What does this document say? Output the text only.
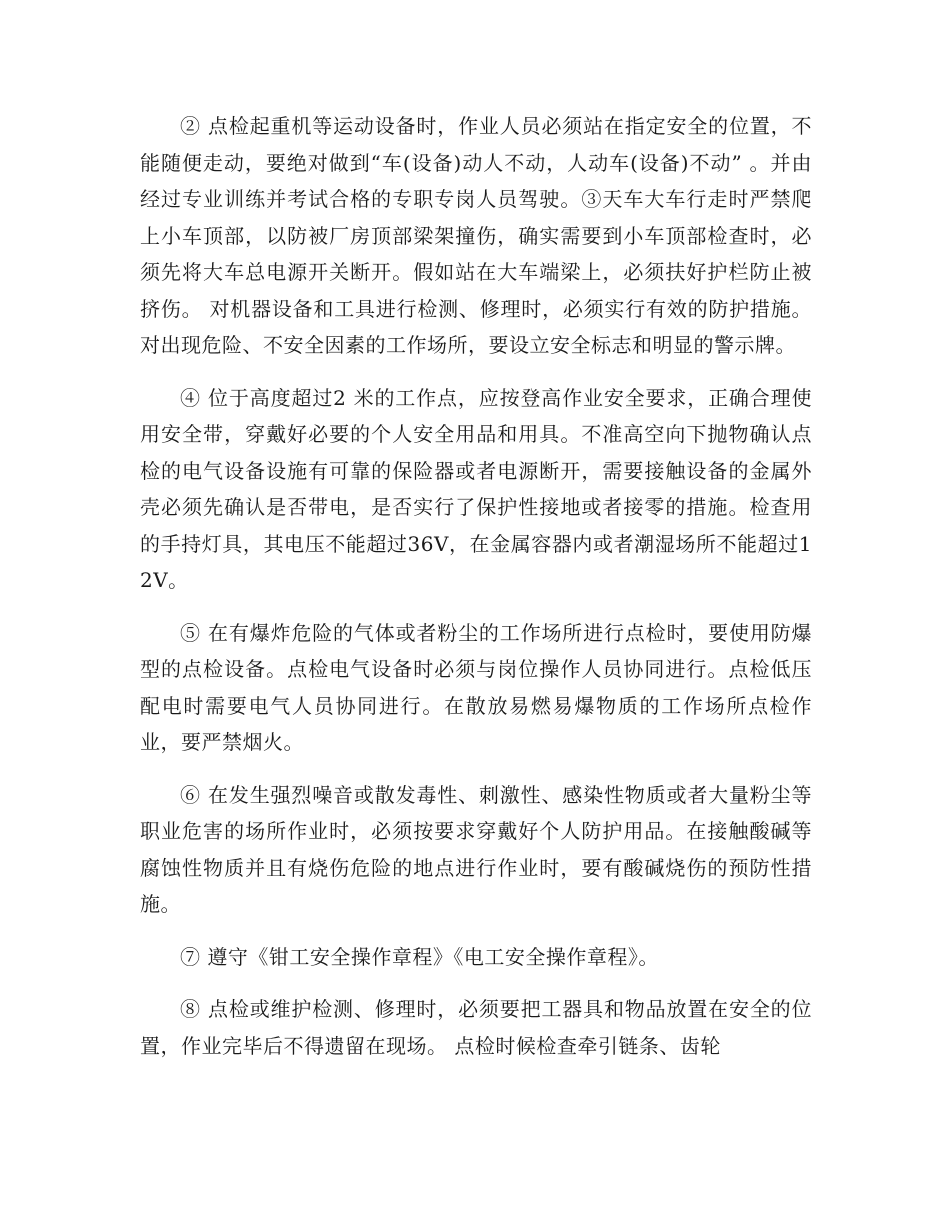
② 点检起重机等运动设备时，作业人员必须站在指定安全的位置，不能随便走动，要绝对做到“车(设备)动人不动，人动车(设备)不动” 。并由经过专业训练并考试合格的专职专岗人员驾驶。③天车大车行走时严禁爬上小车顶部，以防被厂房顶部梁架撞伤，确实需要到小车顶部检查时，必须先将大车总电源开关断开。假如站在大车端梁上，必须扶好护栏防止被挤伤。 对机器设备和工具进行检测、修理时，必须实行有效的防护措施。对出现危险、不安全因素的工作场所，要设立安全标志和明显的警示牌。

④ 位于高度超过2 米的工作点，应按登高作业安全要求，正确合理使用安全带，穿戴好必要的个人安全用品和用具。不准高空向下抛物确认点检的电气设备设施有可靠的保险器或者电源断开，需要接触设备的金属外壳必须先确认是否带电，是否实行了保护性接地或者接零的措施。检查用的手持灯具，其电压不能超过36V，在金属容器内或者潮湿场所不能超过12V。

⑤ 在有爆炸危险的气体或者粉尘的工作场所进行点检时，要使用防爆型的点检设备。点检电气设备时必须与岗位操作人员协同进行。点检低压配电时需要电气人员协同进行。在散放易燃易爆物质的工作场所点检作业，要严禁烟火。

⑥ 在发生强烈噪音或散发毒性、刺激性、感染性物质或者大量粉尘等职业危害的场所作业时，必须按要求穿戴好个人防护用品。在接触酸碱等腐蚀性物质并且有烧伤危险的地点进行作业时，要有酸碱烧伤的预防性措施。

⑦ 遵守《钳工安全操作章程》《电工安全操作章程》。

⑧ 点检或维护检测、修理时，必须要把工器具和物品放置在安全的位置，作业完毕后不得遗留在现场。 点检时候检查牵引链条、齿轮
